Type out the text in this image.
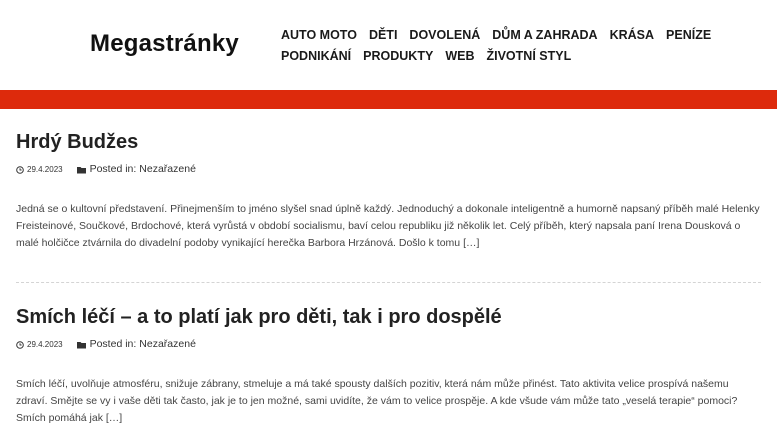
Megastránky	AUTO MOTO DĚTI DOVOLENÁ DŮM A ZAHRADA KRÁSA PENÍZE
PODNIKÁNÍ PRODUKTY WEB ŽIVOTNÍ STYL
Hrdý Budžes
29.4.2023	Posted in: Nezařazené

Jedná se o kultovní představení. Přinejmenším to jméno slyšel snad úplně každý. Jednoduchý a dokonale inteligentně a humorně napsaný příběh malé Helenky Freisteinové, Součkové, Brdochové, která vyrůstá v období socialismu, baví celou republiku již několik let. Celý příběh, který napsala paní Irena Dousková o malé holčičce ztvárnila do divadelní podoby vynikající herečka Barbora Hrzánová. Došlo k tomu […]

Smích léčí – a to platí jak pro děti, tak i pro dospělé
29.4.2023	Posted in: Nezařazené

Smích léčí, uvolňuje atmosféru, snižuje zábrany, stmeluje a má také spousty dalších pozitiv, která nám může přinést. Tato aktivita velice prospívá našemu zdraví. Smějte se vy i vaše děti tak často, jak je to jen možné, sami uvidíte, že vám to velice prospěje. A kde všude vám může tato „veselá terapie“ pomoci? Smích pomáhá jak […]
